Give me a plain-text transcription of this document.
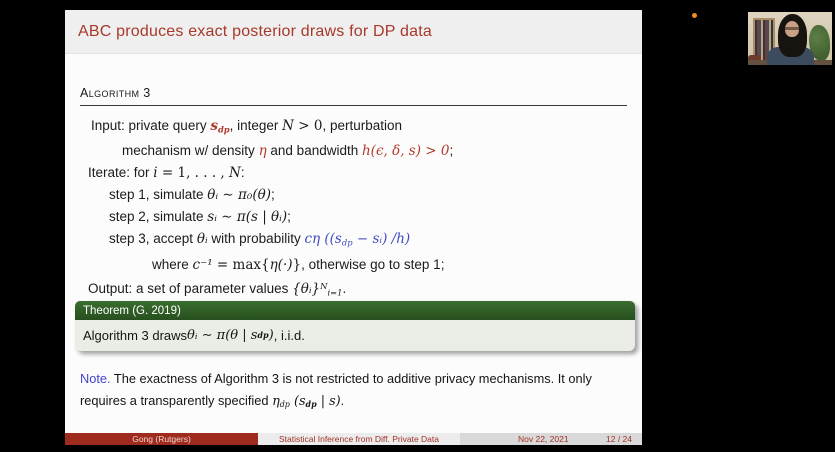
ABC produces exact posterior draws for DP data
Algorithm 3
Input: private query $s_{dp}$, integer N > 0, perturbation
mechanism w/ density η and bandwidth h(ϵ, δ, s) > 0;
Iterate: for i = 1, . . . , N:
step 1, simulate θᵢ ∼ π₀(θ);
step 2, simulate sᵢ ∼ π(s | θᵢ);
step 3, accept θᵢ with probability cη (($s_{dp}$ − sᵢ) /h)
where c⁻¹ = max{η(·)}, otherwise go to step 1;
Output: a set of parameter values {θᵢ}$^N_{i=1}$.
Theorem (G. 2019)
Algorithm 3 draws θᵢ ∼ π(θ | s dp ) , i.i.d.
Note. The exactness of Algorithm 3 is not restricted to additive privacy mechanisms. It only
requires a transparently specified $\eta_{dp}$ ($s_{dp}$ | s).
Gong (Rutgers)	Statistical Inference from Diff. Private Data	Nov 22, 2021	12 / 24
